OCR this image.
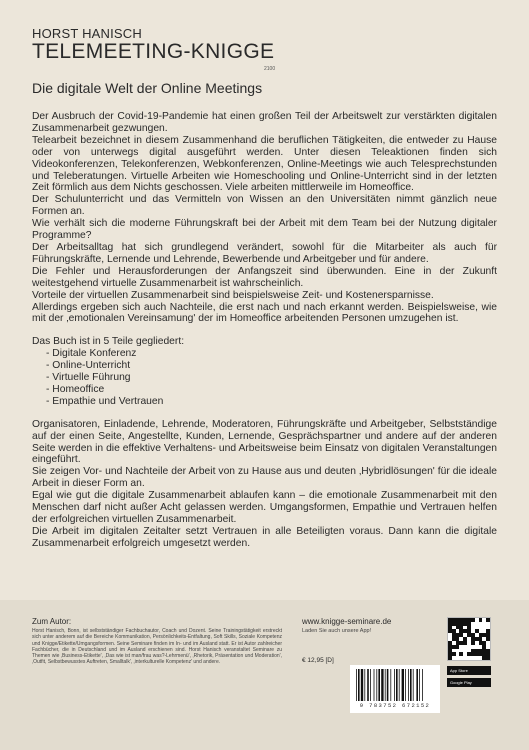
HORST HANISCH
TELEMEETING-KNIGGE
2100
Die digitale Welt der Online Meetings

Der Ausbruch der Covid-19-Pandemie hat einen großen Teil der Arbeitswelt zur verstärkten digitalen Zusammenarbeit gezwungen.

Telearbeit bezeichnet in diesem Zusammenhand die beruflichen Tätigkeiten, die entweder zu Hause oder von unterwegs digital ausgeführt werden. Unter diesen Teleaktionen finden sich Videokonferenzen, Telekonferenzen, Webkonferenzen, Online-Meetings wie auch Telesprechstunden und Teleberatungen. Virtuelle Arbeiten wie Homeschooling und Online-Unterricht sind in der letzten Zeit förmlich aus dem Nichts geschossen. Viele arbeiten mittlerweile im Homeoffice.

Der Schulunterricht und das Vermitteln von Wissen an den Universitäten nimmt gänzlich neue Formen an.

Wie verhält sich die moderne Führungskraft bei der Arbeit mit dem Team bei der Nutzung digitaler Programme?

Der Arbeitsalltag hat sich grundlegend verändert, sowohl für die Mitarbeiter als auch für Führungskräfte, Lernende und Lehrende, Bewerbende und Arbeitgeber und für andere.

Die Fehler und Herausforderungen der Anfangszeit sind überwunden. Eine in der Zukunft weitestgehend virtuelle Zusammenarbeit ist wahrscheinlich.

Vorteile der virtuellen Zusammenarbeit sind beispielsweise Zeit- und Kostenersparnisse.

Allerdings ergeben sich auch Nachteile, die erst nach und nach erkannt werden. Beispielsweise, wie mit der ‚emotionalen Vereinsamung' der im Homeoffice arbeitenden Personen umzugehen ist.

Das Buch ist in 5 Teile gegliedert:

- Digitale Konferenz
- Online-Unterricht
- Virtuelle Führung
- Homeoffice
- Empathie und Vertrauen

Organisatoren, Einladende, Lehrende, Moderatoren, Führungskräfte und Arbeitgeber, Selbstständige auf der einen Seite, Angestellte, Kunden, Lernende, Gesprächspartner und andere auf der anderen Seite werden in die effektive Verhaltens- und Arbeitsweise beim Einsatz von digitalen Veranstaltungen eingeführt.

Sie zeigen Vor- und Nachteile der Arbeit von zu Hause aus und deuten ‚Hybridlösungen' für die ideale Arbeit in dieser Form an.

Egal wie gut die digitale Zusammenarbeit ablaufen kann – die emotionale Zusammenarbeit mit den Menschen darf nicht außer Acht gelassen werden. Umgangsformen, Empathie und Vertrauen helfen der erfolgreichen virtuellen Zusammenarbeit.

Die Arbeit im digitalen Zeitalter setzt Vertrauen in alle Beteiligten voraus. Dann kann die digitale Zusammenarbeit erfolgreich umgesetzt werden.

Zum Autor:

Horst Hanisch, Bonn, ist selbstständiger Fachbuchautor, Coach und Dozent. Seine Trainingstätigkeit erstreckt sich unter anderem auf die Bereiche Kommunikation, Persönlichkeits-Entfaltung, Soft Skills, Soziale Kompetenz und Knigge/Etikette/Umgangsformen. Seine Seminare finden im In- und im Ausland statt. Er ist Autor zahlreicher Fachbücher, die in Deutschland und im Ausland erschienen sind. Horst Hanisch veranstaltet Seminare zu Themen wie ‚Business-Etikette', ‚Das wie ist man/frau was?-Lehrmenü', ‚Rhetorik, Präsentation und Moderation', ‚Outfit, Selbstbewusstes Auftreten, Smalltalk', ‚interkulturelle Kompetenz' und andere.

www.knigge-seminare.de
Laden Sie auch unsere App!
€ 12,95 [D]
App Store
Google Play
9 783752 672152
